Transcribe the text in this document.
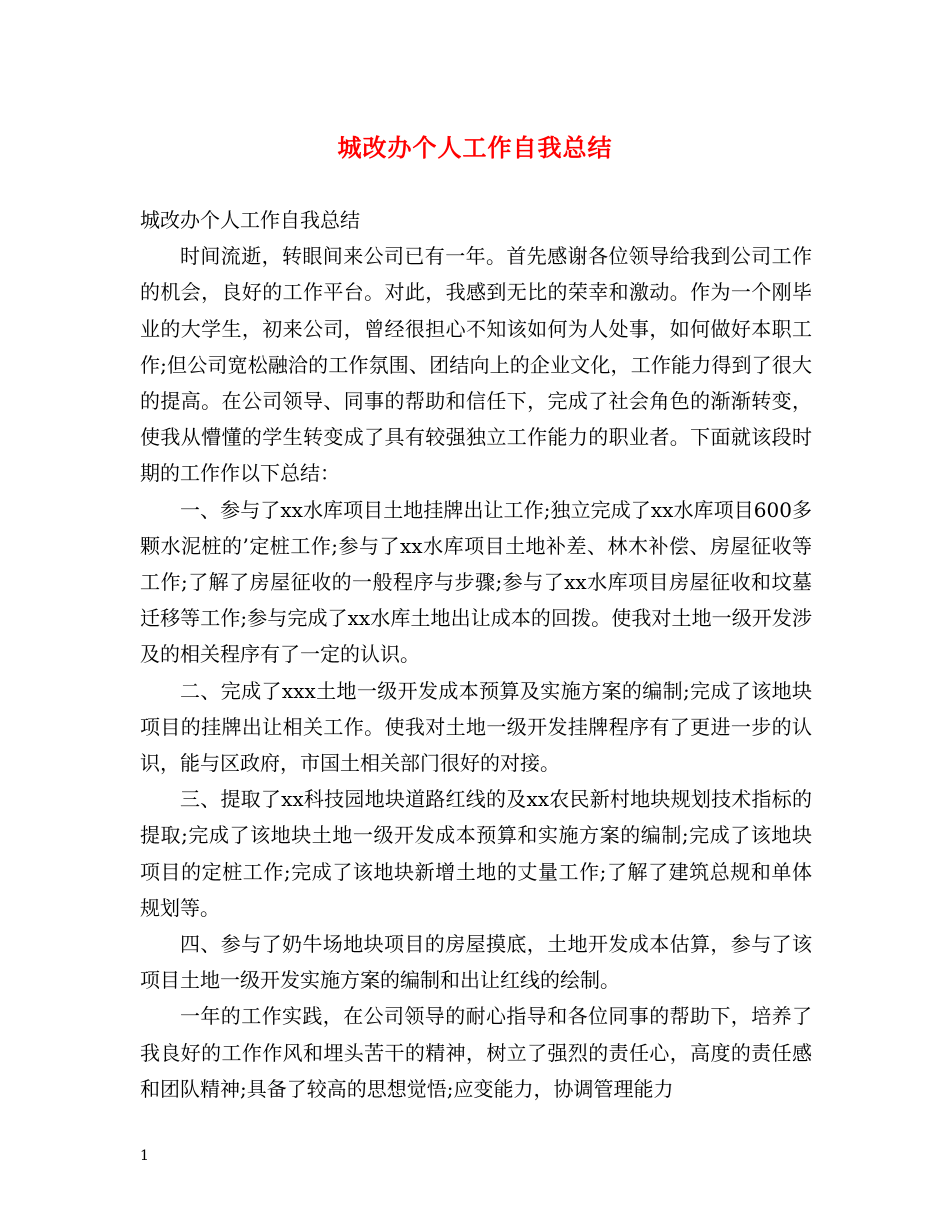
城改办个人工作自我总结

城改办个人工作自我总结

时间流逝，转眼间来公司已有一年。首先感谢各位领导给我到公司工作的机会，良好的工作平台。对此，我感到无比的荣幸和激动。作为一个刚毕业的大学生，初来公司，曾经很担心不知该如何为人处事，如何做好本职工作;但公司宽松融洽的工作氛围、团结向上的企业文化，工作能力得到了很大的提高。在公司领导、同事的帮助和信任下，完成了社会角色的渐渐转变，使我从懵懂的学生转变成了具有较强独立工作能力的职业者。下面就该段时期的工作作以下总结：

一、参与了xx水库项目土地挂牌出让工作;独立完成了xx水库项目600多颗水泥桩的’定桩工作;参与了xx水库项目土地补差、林木补偿、房屋征收等工作;了解了房屋征收的一般程序与步骤;参与了xx水库项目房屋征收和坟墓迁移等工作;参与完成了xx水库土地出让成本的回拨。使我对土地一级开发涉及的相关程序有了一定的认识。

二、完成了xxx土地一级开发成本预算及实施方案的编制;完成了该地块项目的挂牌出让相关工作。使我对土地一级开发挂牌程序有了更进一步的认识，能与区政府，市国土相关部门很好的对接。

三、提取了xx科技园地块道路红线的及xx农民新村地块规划技术指标的提取;完成了该地块土地一级开发成本预算和实施方案的编制;完成了该地块项目的定桩工作;完成了该地块新增土地的丈量工作;了解了建筑总规和单体规划等。

四、参与了奶牛场地块项目的房屋摸底，土地开发成本估算，参与了该项目土地一级开发实施方案的编制和出让红线的绘制。

一年的工作实践，在公司领导的耐心指导和各位同事的帮助下，培养了我良好的工作作风和埋头苦干的精神，树立了强烈的责任心，高度的责任感和团队精神;具备了较高的思想觉悟;应变能力，协调管理能力

1
